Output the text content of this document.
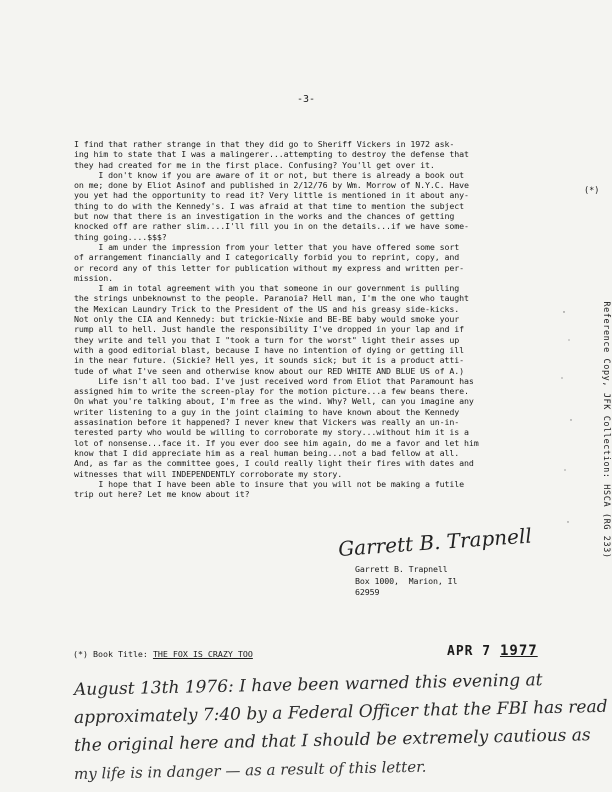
-3-
I find that rather strange in that they did go to Sheriff Vickers in 1972 ask-
ing him to state that I was a malingerer...attempting to destroy the defense that
they had created for me in the first place. Confusing? You'll get over it.
I don't know if you are aware of it or not, but there is already a book out
on me; done by Eliot Asinof and published in 2/12/76 by Wm. Morrow of N.Y.C. Have
you yet had the opportunity to read it? Very little is mentioned in it about any-
thing to do with the Kennedy's. I was afraid at that time to mention the subject
but now that there is an investigation in the works and the chances of getting
knocked off are rather slim....I'll fill you in on the details...if we have some-
thing going....$$$?
I am under the impression from your letter that you have offered some sort
of arrangement financially and I categorically forbid you to reprint, copy, and
or record any of this letter for publication without my express and written per-
mission.
I am in total agreement with you that someone in our government is pulling
the strings unbeknownst to the people. Paranoia? Hell man, I'm the one who taught
the Mexican Laundry Trick to the President of the US and his greasy side-kicks.
Not only the CIA and Kennedy: but trickie-Nixie and BE-BE baby would smoke your
rump all to hell. Just handle the responsibility I've dropped in your lap and if
they write and tell you that I "took a turn for the worst" light their asses up
with a good editorial blast, because I have no intention of dying or getting ill
in the near future. (Sickie? Hell yes, it sounds sick; but it is a product atti-
tude of what I've seen and otherwise know about our RED WHITE AND BLUE US of A.)
Life isn't all too bad. I've just received word from Eliot that Paramount has
assigned him to write the screen-play for the motion picture...a few beans there.
On what you're talking about, I'm free as the wind. Why? Well, can you imagine any
writer listening to a guy in the joint claiming to have known about the Kennedy
assasination before it happened? I never knew that Vickers was really an un-in-
terested party who would be willing to corroborate my story...without him it is a
lot of nonsense...face it. If you ever doo see him again, do me a favor and let him
know that I did appreciate him as a real human being...not a bad fellow at all.
And, as far as the committee goes, I could really light their fires with dates and
witnesses that will INDEPENDENTLY corroborate my story.
I hope that I have been able to insure that you will not be making a futile
trip out here? Let me know about it?
(*)
Garrett B. Trapnell
Garrett B. Trapnell
Box 1000,  Marion, Il
62959
(*) Book Title: THE FOX IS CRAZY TOO	APR 7 1977
August 13th 1976: I have been warned this evening at
approximately 7:40 by a Federal Officer that the FBI has read
the original here and that I should be extremely cautious as
my life is in danger — as a result of this letter.
Reference Copy, JFK Collection: HSCA (RG 233)
